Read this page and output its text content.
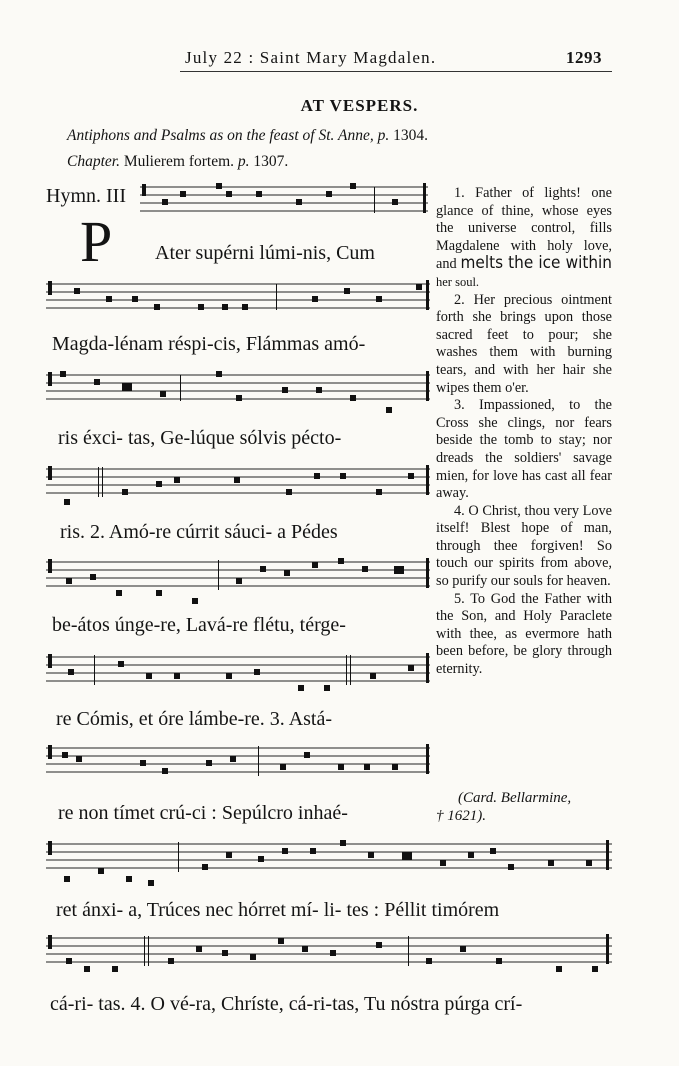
July 22 : Saint Mary Magdalen.	1293
AT VESPERS.
Antiphons and Psalms as on the feast of St. Anne, p. 1304.
Chapter. Mulierem fortem. p. 1307.
Hymn. III
P Ater supérni lúmi-nis, Cum
Magda-lénam réspi-cis, Flámmas amó-
ris éxci- tas, Ge-lúque sólvis pécto-
ris. 2. Amó-re cúrrit sáuci- a Pédes
be-átos únge-re, Lavá-re flétu, térge-
re Cómis, et óre lámbe-re. 3. Astá-
re non tímet crú-ci : Sepúlcro inhaé-
ret ánxi- a, Trúces nec hórret mí- li- tes : Péllit timórem
cá-ri- tas. 4. O vé-ra, Chríste, cá-ri-tas, Tu nóstra púrga crí-

1. Father of lights! one glance of thine, whose eyes the universe control, fills Magdalene with holy love, and melts the ice within her soul.

2. Her precious ointment forth she brings upon those sacred feet to pour; she washes them with burning tears, and with her hair she wipes them o'er.

3. Impassioned, to the Cross she clings, nor fears beside the tomb to stay; nor dreads the soldiers' savage mien, for love has cast all fear away.

4. O Christ, thou very Love itself! Blest hope of man, through thee forgiven! So touch our spirits from above, so purify our souls for heaven.

5. To God the Father with the Son, and Holy Paraclete with thee, as evermore hath been before, be glory through eternity.

(Card. Bellarmine,
† 1621).
